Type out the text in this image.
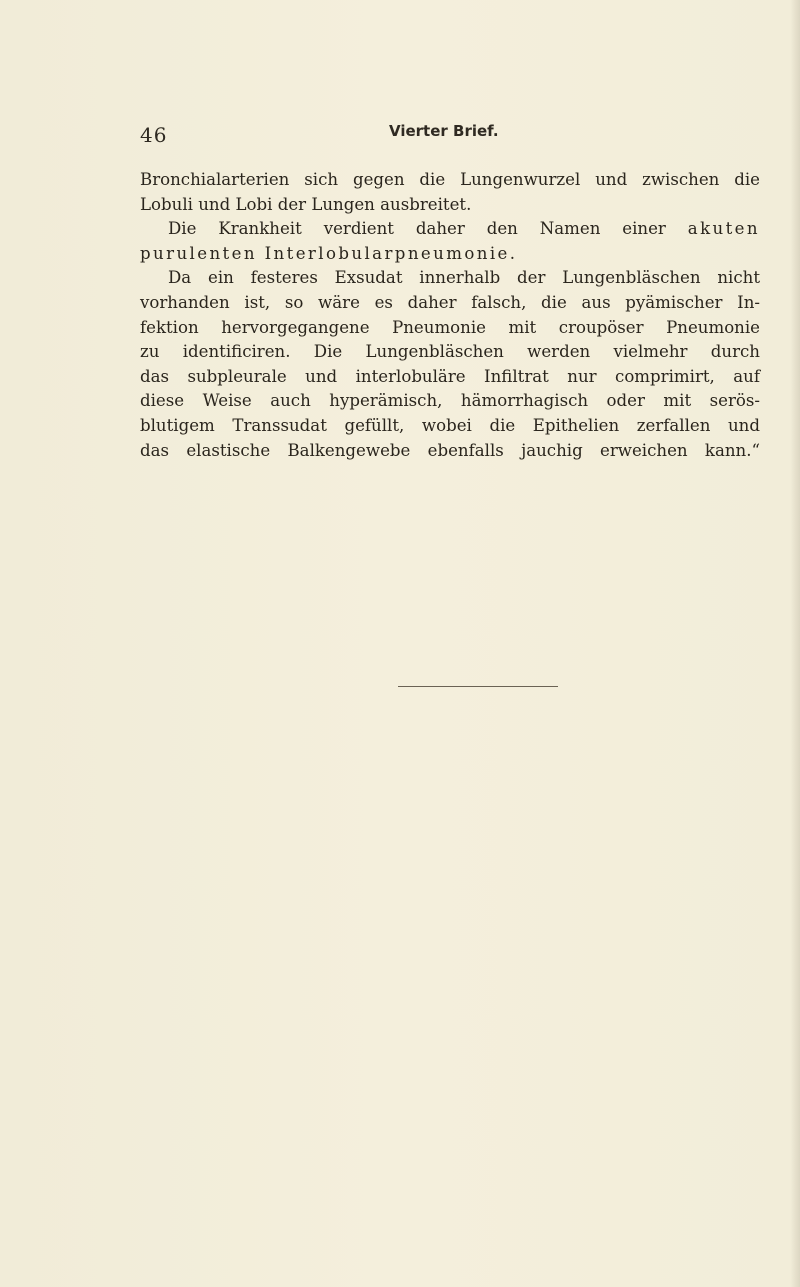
46	Vierter Brief.

Bronchialarterien sich gegen die Lungenwurzel und zwischen die
Lobuli und Lobi der Lungen ausbreitet.

Die Krankheit verdient daher den Namen einer akuten
purulenten Interlobularpneumonie.

Da ein festeres Exsudat innerhalb der Lungenbläschen nicht
vorhanden ist, so wäre es daher falsch, die aus pyämischer In-
fektion hervorgegangene Pneumonie mit croupöser Pneumonie
zu identificiren. Die Lungenbläschen werden vielmehr durch
das subpleurale und interlobuläre Infiltrat nur comprimirt, auf
diese Weise auch hyperämisch, hämorrhagisch oder mit serös-
blutigem Transsudat gefüllt, wobei die Epithelien zerfallen und
das elastische Balkengewebe ebenfalls jauchig erweichen kann.“
